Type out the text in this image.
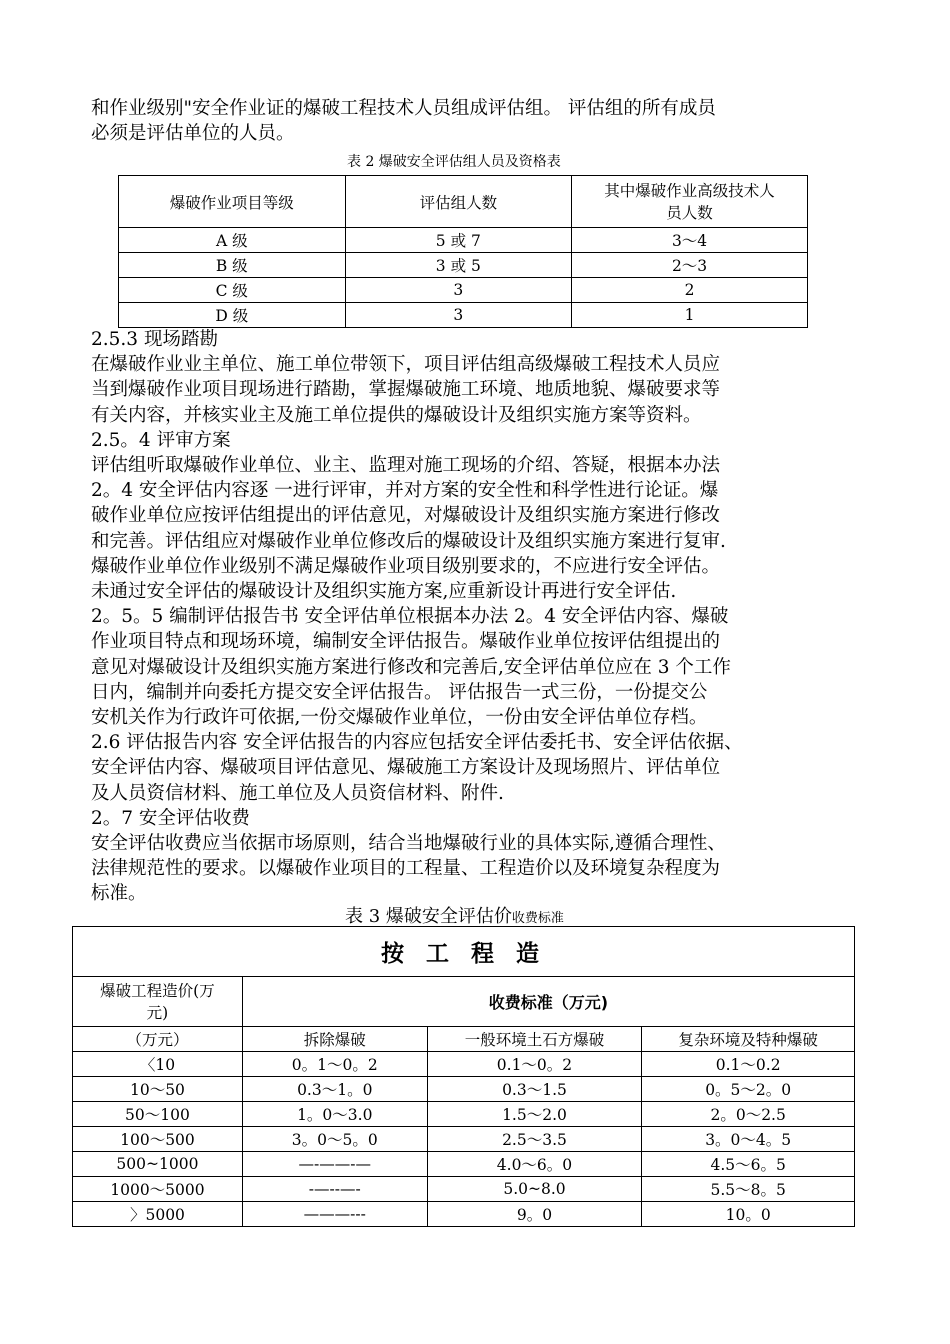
和作业级别"安全作业证的爆破工程技术人员组成评估组。 评估组的所有成员
必须是评估单位的人员。
表 2 爆破安全评估组人员及资格表
爆破作业项目等级	评估组人数	其中爆破作业高级技术人
员人数

A 级	5 或 7	3～4
B 级	3 或 5	2～3
C 级	3	2
D 级	3	1
2.5.3 现场踏勘
在爆破作业业主单位、施工单位带领下，项目评估组高级爆破工程技术人员应
当到爆破作业项目现场进行踏勘，掌握爆破施工环境、地质地貌、爆破要求等
有关内容，并核实业主及施工单位提供的爆破设计及组织实施方案等资料。
2.5。4 评审方案
评估组听取爆破作业单位、业主、监理对施工现场的介绍、答疑，根据本办法
2。4 安全评估内容逐 一进行评审，并对方案的安全性和科学性进行论证。爆
破作业单位应按评估组提出的评估意见，对爆破设计及组织实施方案进行修改
和完善。评估组应对爆破作业单位修改后的爆破设计及组织实施方案进行复审.
爆破作业单位作业级别不满足爆破作业项目级别要求的，不应进行安全评估。
未通过安全评估的爆破设计及组织实施方案,应重新设计再进行安全评估.
2。5。5 编制评估报告书 安全评估单位根据本办法 2。4 安全评估内容、爆破
作业项目特点和现场环境，编制安全评估报告。爆破作业单位按评估组提出的
意见对爆破设计及组织实施方案进行修改和完善后,安全评估单位应在 3 个工作
日内，编制并向委托方提交安全评估报告。 评估报告一式三份，一份提交公
安机关作为行政许可依据,一份交爆破作业单位，一份由安全评估单位存档。
2.6 评估报告内容 安全评估报告的内容应包括安全评估委托书、安全评估依据、
安全评估内容、爆破项目评估意见、爆破施工方案设计及现场照片、评估单位
及人员资信材料、施工单位及人员资信材料、附件.
2。7 安全评估收费
安全评估收费应当依据市场原则，结合当地爆破行业的具体实际,遵循合理性、
法律规范性的要求。以爆破作业项目的工程量、工程造价以及环境复杂程度为
标准。
表 3 爆破安全评估价收费标准
按 工 程 造			

爆破工程造价(万
元)	收费标准（万元)		
（万元）	拆除爆破	一般环境土石方爆破	复杂环境及特种爆破
〈10	0。1～0。2	0.1～0。2	0.1～0.2
10～50	0.3～1。0	0.3～1.5	0。5～2。0
50～100	1。0～3.0	1.5～2.0	2。0～2.5
100～500	3。0～5。0	2.5～3.5	3。0～4。5
500~1000	—-——-—	4.0～6。0	4.5～6。5
1000～5000	-—--—-	5.0~8.0	5.5～8。5
〉5000	———---	9。0	10。0
